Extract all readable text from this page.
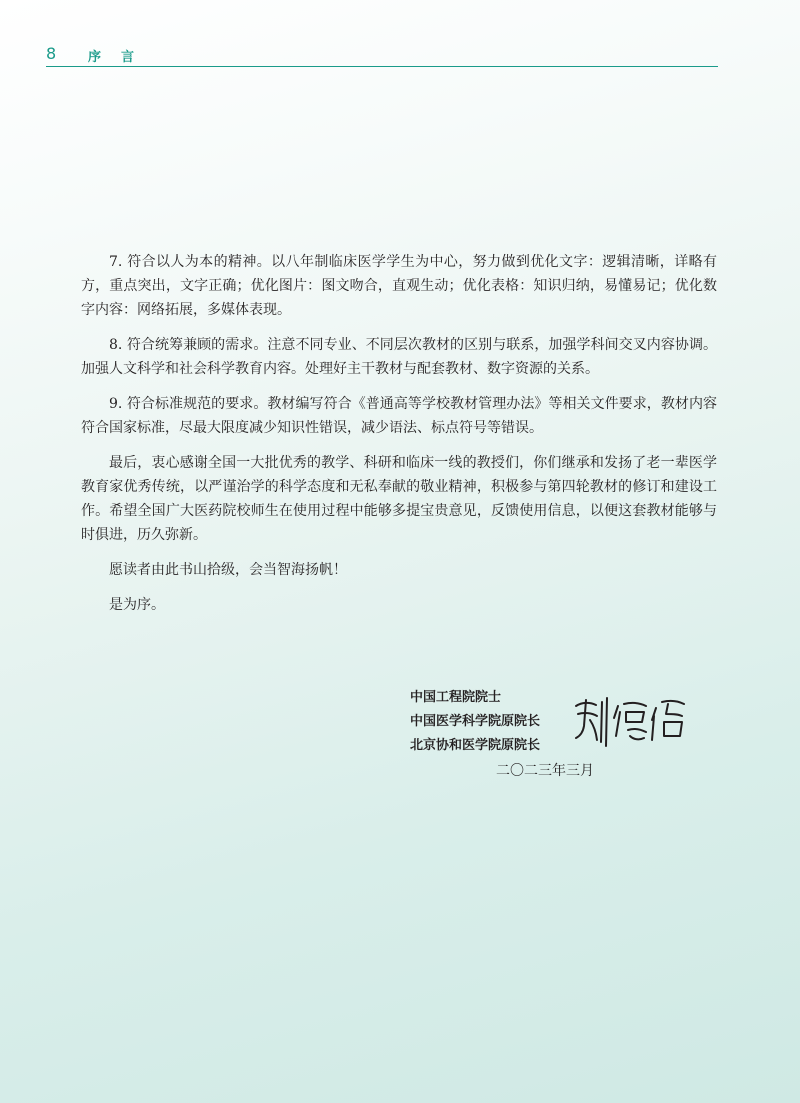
8 序言

7. 符合以人为本的精神。以八年制临床医学学生为中心，努力做到优化文字：逻辑清晰，详略有方，重点突出，文字正确；优化图片：图文吻合，直观生动；优化表格：知识归纳，易懂易记；优化数字内容：网络拓展，多媒体表现。

8. 符合统筹兼顾的需求。注意不同专业、不同层次教材的区别与联系，加强学科间交叉内容协调。加强人文科学和社会科学教育内容。处理好主干教材与配套教材、数字资源的关系。

9. 符合标准规范的要求。教材编写符合《普通高等学校教材管理办法》等相关文件要求，教材内容符合国家标准，尽最大限度减少知识性错误，减少语法、标点符号等错误。

最后，衷心感谢全国一大批优秀的教学、科研和临床一线的教授们，你们继承和发扬了老一辈医学教育家优秀传统，以严谨治学的科学态度和无私奉献的敬业精神，积极参与第四轮教材的修订和建设工作。希望全国广大医药院校师生在使用过程中能够多提宝贵意见，反馈使用信息，以便这套教材能够与时俱进，历久弥新。

愿读者由此书山拾级，会当智海扬帆！

是为序。

中国工程院院士
中国医学科学院原院长
北京协和医学院原院长
二〇二三年三月
